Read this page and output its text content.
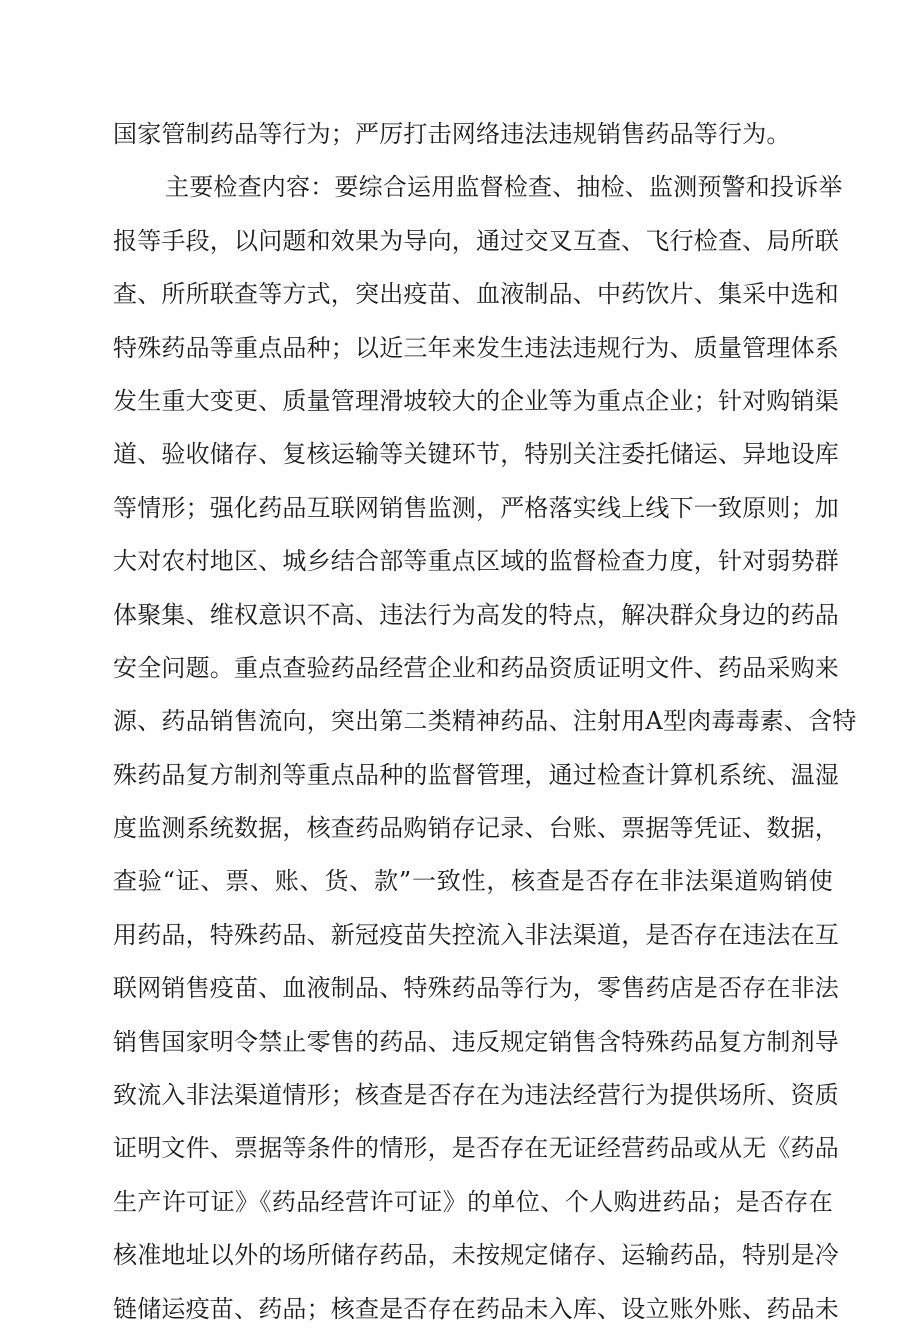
国家管制药品等行为；严厉打击网络违法违规销售药品等行为。
主要检查内容：要综合运用监督检查、抽检、监测预警和投诉举
报等手段，以问题和效果为导向，通过交叉互查、飞行检查、局所联
查、所所联查等方式，突出疫苗、血液制品、中药饮片、集采中选和
特殊药品等重点品种；以近三年来发生违法违规行为、质量管理体系
发生重大变更、质量管理滑坡较大的企业等为重点企业；针对购销渠
道、验收储存、复核运输等关键环节，特别关注委托储运、异地设库
等情形；强化药品互联网销售监测，严格落实线上线下一致原则；加
大对农村地区、城乡结合部等重点区域的监督检查力度，针对弱势群
体聚集、维权意识不高、违法行为高发的特点，解决群众身边的药品
安全问题。重点查验药品经营企业和药品资质证明文件、药品采购来
源、药品销售流向，突出第二类精神药品、注射用A型肉毒毒素、含特
殊药品复方制剂等重点品种的监督管理，通过检查计算机系统、温湿
度监测系统数据，核查药品购销存记录、台账、票据等凭证、数据，
查验“证、票、账、货、款”一致性，核查是否存在非法渠道购销使
用药品，特殊药品、新冠疫苗失控流入非法渠道，是否存在违法在互
联网销售疫苗、血液制品、特殊药品等行为，零售药店是否存在非法
销售国家明令禁止零售的药品、违反规定销售含特殊药品复方制剂导
致流入非法渠道情形；核查是否存在为违法经营行为提供场所、资质
证明文件、票据等条件的情形，是否存在无证经营药品或从无《药品
生产许可证》《药品经营许可证》的单位、个人购进药品；是否存在
核准地址以外的场所储存药品，未按规定储存、运输药品，特别是冷
链储运疫苗、药品；核查是否存在药品未入库、设立账外账、药品未
